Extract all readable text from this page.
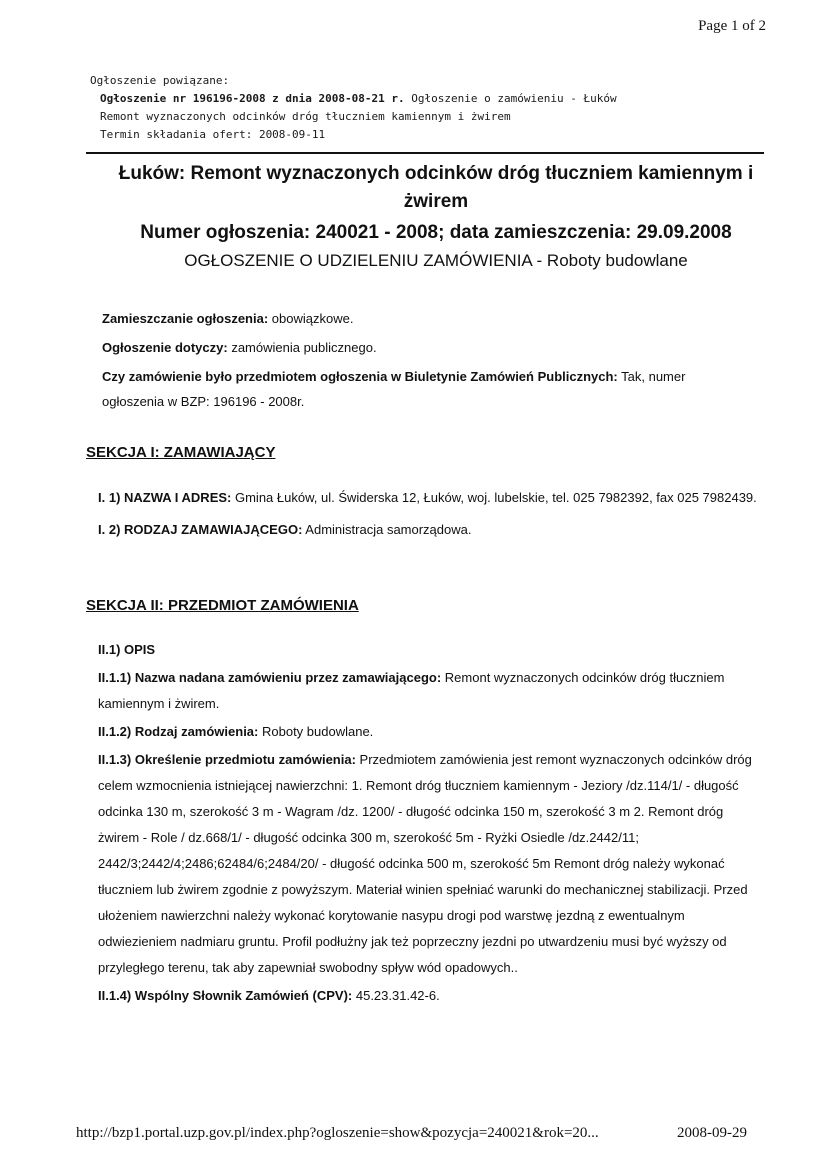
Page 1 of 2
Ogłoszenie powiązane:
Ogłoszenie nr 196196-2008 z dnia 2008-08-21 r. Ogłoszenie o zamówieniu - Łuków
Remont wyznaczonych odcinków dróg tłuczniem kamiennym i żwirem
Termin składania ofert: 2008-09-11
Łuków: Remont wyznaczonych odcinków dróg tłuczniem kamiennym i żwirem
Numer ogłoszenia: 240021 - 2008; data zamieszczenia: 29.09.2008
OGŁOSZENIE O UDZIELENIU ZAMÓWIENIA - Roboty budowlane

Zamieszczanie ogłoszenia: obowiązkowe.

Ogłoszenie dotyczy: zamówienia publicznego.

Czy zamówienie było przedmiotem ogłoszenia w Biuletynie Zamówień Publicznych: Tak, numer ogłoszenia w BZP: 196196 - 2008r.

SEKCJA I: ZAMAWIAJĄCY

I. 1) NAZWA I ADRES: Gmina Łuków, ul. Świderska 12, Łuków, woj. lubelskie, tel. 025 7982392, fax 025 7982439.

I. 2) RODZAJ ZAMAWIAJĄCEGO: Administracja samorządowa.

SEKCJA II: PRZEDMIOT ZAMÓWIENIA

II.1) OPIS

II.1.1) Nazwa nadana zamówieniu przez zamawiającego: Remont wyznaczonych odcinków dróg tłuczniem kamiennym i żwirem.

II.1.2) Rodzaj zamówienia: Roboty budowlane.

II.1.3) Określenie przedmiotu zamówienia: Przedmiotem zamówienia jest remont wyznaczonych odcinków dróg celem wzmocnienia istniejącej nawierzchni: 1. Remont dróg tłuczniem kamiennym - Jeziory /dz.114/1/ - długość odcinka 130 m, szerokość 3 m - Wagram /dz. 1200/ - długość odcinka 150 m, szerokość 3 m 2. Remont dróg żwirem - Role / dz.668/1/ - długość odcinka 300 m, szerokość 5m - Ryżki Osiedle /dz.2442/11; 2442/3;2442/4;2486;62484/6;2484/20/ - długość odcinka 500 m, szerokość 5m Remont dróg należy wykonać tłuczniem lub żwirem zgodnie z powyższym. Materiał winien spełniać warunki do mechanicznej stabilizacji. Przed ułożeniem nawierzchni należy wykonać korytowanie nasypu drogi pod warstwę jezdną z ewentualnym odwiezieniem nadmiaru gruntu. Profil podłużny jak też poprzeczny jezdni po utwardzeniu musi być wyższy od przyległego terenu, tak aby zapewniał swobodny spływ wód opadowych..

II.1.4) Wspólny Słownik Zamówień (CPV): 45.23.31.42-6.

http://bzp1.portal.uzp.gov.pl/index.php?ogloszenie=show&pozycja=240021&rok=20...	2008-09-29
